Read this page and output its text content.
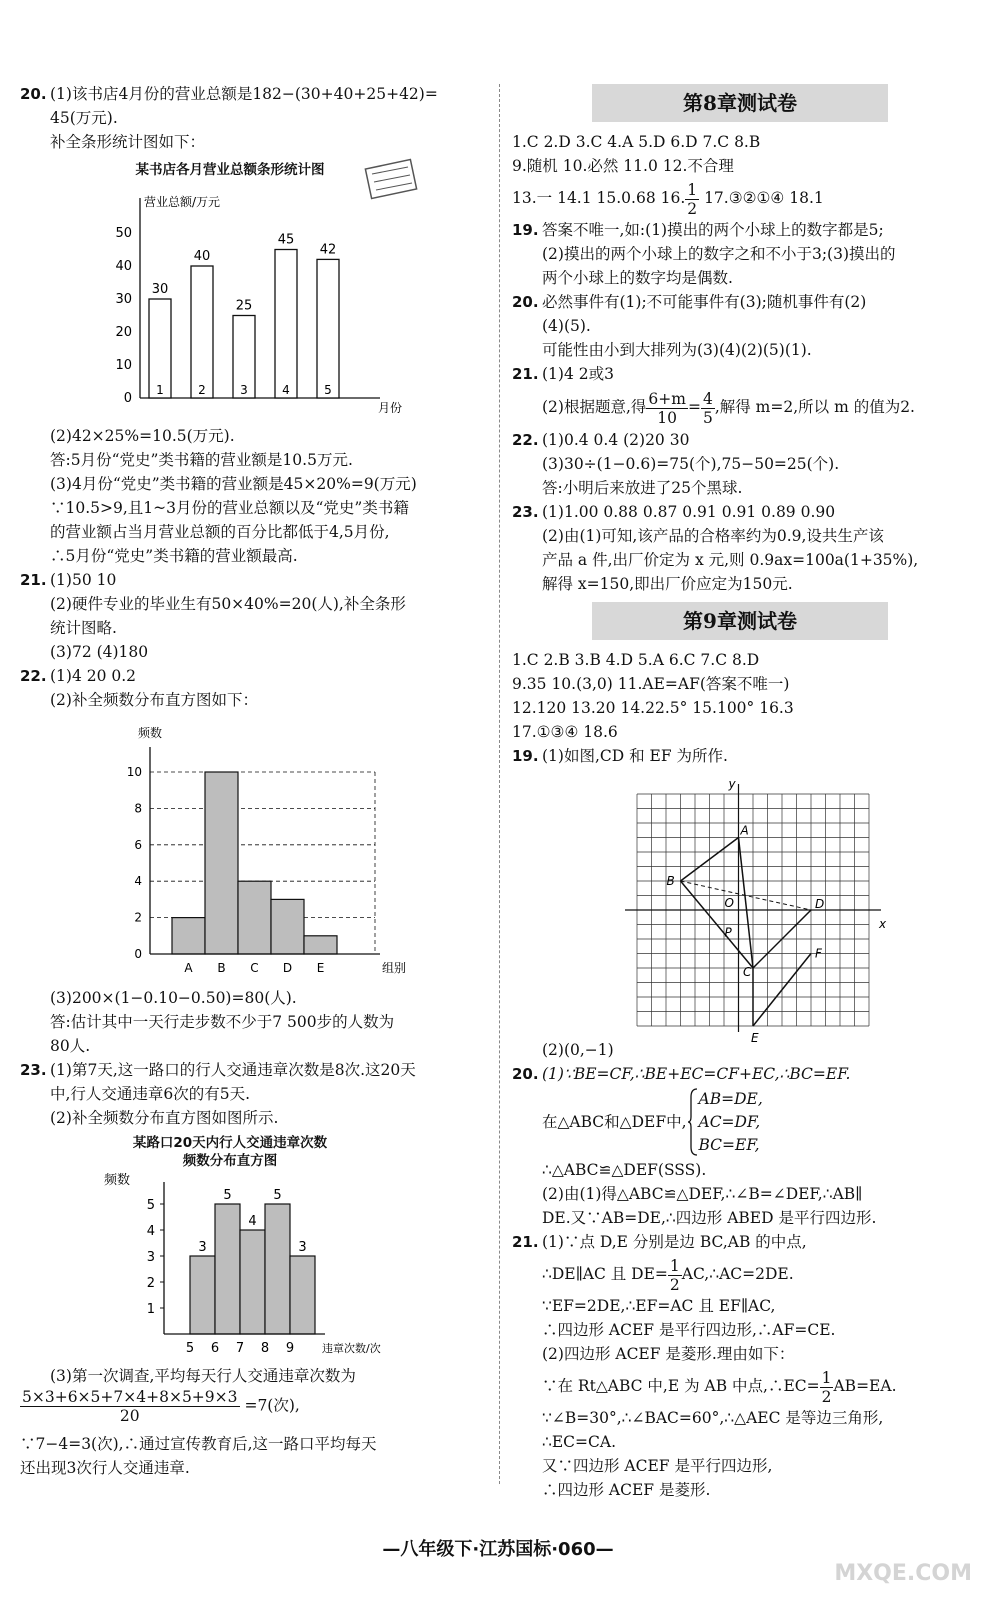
20. (1)该书店4月份的营业总额是182−(30+40+25+42)=
45(万元).
补全条形统计图如下：
某书店各月营业总额条形统计图
营业总额/万元
月份
0
10
20
30
40
50
30
1
40
2
25
3
45
4
42
5
(2)42×25%=10.5(万元).
答:5月份“党史”类书籍的营业额是10.5万元.
(3)4月份“党史”类书籍的营业额是45×20%=9(万元)
∵10.5>9,且1~3月份的营业总额以及“党史”类书籍
的营业额占当月营业总额的百分比都低于4,5月份,
∴5月份“党史”类书籍的营业额最高.
21. (1)50 10
(2)硬件专业的毕业生有50×40%=20(人),补全条形
统计图略.
(3)72 (4)180
22. (1)4 20 0.2
(2)补全频数分布直方图如下：
频数
0
2
4
6
8
10
A B C D E	组别
(3)200×(1−0.10−0.50)=80(人).
答:估计其中一天行走步数不少于7 500步的人数为
80人.
23. (1)第7天,这一路口的行人交通违章次数是8次.这20天
中,行人交通违章6次的有5天.
(2)补全频数分布直方图如图所示.
某路口20天内行人交通违章次数
频数分布直方图
频数
1
2
3
4
5
3
5
5
6
4
7
5
8
3
9	违章次数/次
(3)第一次调查,平均每天行人交通违章次数为
$\frac{5\times 3+6\times 5+7\times 4+8\times 5+9\times 3}{20} =7$(次),
∵7−4=3(次),∴通过宣传教育后,这一路口平均每天
还出现3次行人交通违章.
第8章测试卷
1.C 2.D 3.C 4.A 5.D 6.D 7.C 8.B
9.随机 10.必然 11.0 12.不合理
13.一 14.1 15.0.68 16. $\frac{1}{2}$ 17.③②①④ 18.1
19. 答案不唯一,如:(1)摸出的两个小球上的数字都是5;
(2)摸出的两个小球上的数字之和不小于3;(3)摸出的
两个小球上的数字均是偶数.
20. 必然事件有(1);不可能事件有(3);随机事件有(2)
(4)(5).
可能性由小到大排列为(3)(4)(2)(5)(1).
21. (1)4 2或3
(2)根据题意,得 $\frac{6+m}{10} = \frac{4}{5}$ ,解得 m=2,所以 m 的值为2.
22. (1)0.4 0.4 (2)20 30
(3)30÷(1−0.6)=75(个),75−50=25(个).
答:小明后来放进了25个黑球.
23. (1)1.00 0.88 0.87 0.91 0.91 0.89 0.90
(2)由(1)可知,该产品的合格率约为0.9,设共生产该
产品 a 件,出厂价定为 x 元,则 0.9ax=100a(1+35%),
解得 x=150,即出厂价应定为150元.
第9章测试卷
1.C 2.B 3.B 4.D 5.A 6.C 7.C 8.D
9.35 10.(3,0) 11.AE=AF(答案不唯一)
12.120 13.20 14.22.5° 15.100° 16.3
17.①③④ 18.6
19. (1)如图,CD 和 EF 为所作.
x
y
A
B
C
D
E
F
O
P
(2)(0,−1)
20. (1)∵BE=CF,∴BE+EC=CF+EC,∴BC=EF.
在△ABC和△DEF中,
AB=DE,
AC=DF,
BC=EF,
∴△ABC≌△DEF(SSS).
(2)由(1)得△ABC≌△DEF,∴∠B=∠DEF,∴AB∥
DE.又∵AB=DE,∴四边形 ABED 是平行四边形.
21. (1)∵点 D,E 分别是边 BC,AB 的中点,
∴DE∥AC 且 $DE= \frac{1}{2}$ AC,∴AC=2DE.
∵EF=2DE,∴EF=AC 且 EF∥AC,
∴四边形 ACEF 是平行四边形,∴AF=CE.
(2)四边形 ACEF 是菱形.理由如下：
∵在 Rt△ABC 中,E 为 AB 中点,∴EC= $\frac{1}{2} AB=EA$.
∵∠B=30°,∴∠BAC=60°,∴△AEC 是等边三角形,
∴EC=CA.
又∵四边形 ACEF 是平行四边形,
∴四边形 ACEF 是菱形.
—八年级下·江苏国标·060—
MXQE.COM
